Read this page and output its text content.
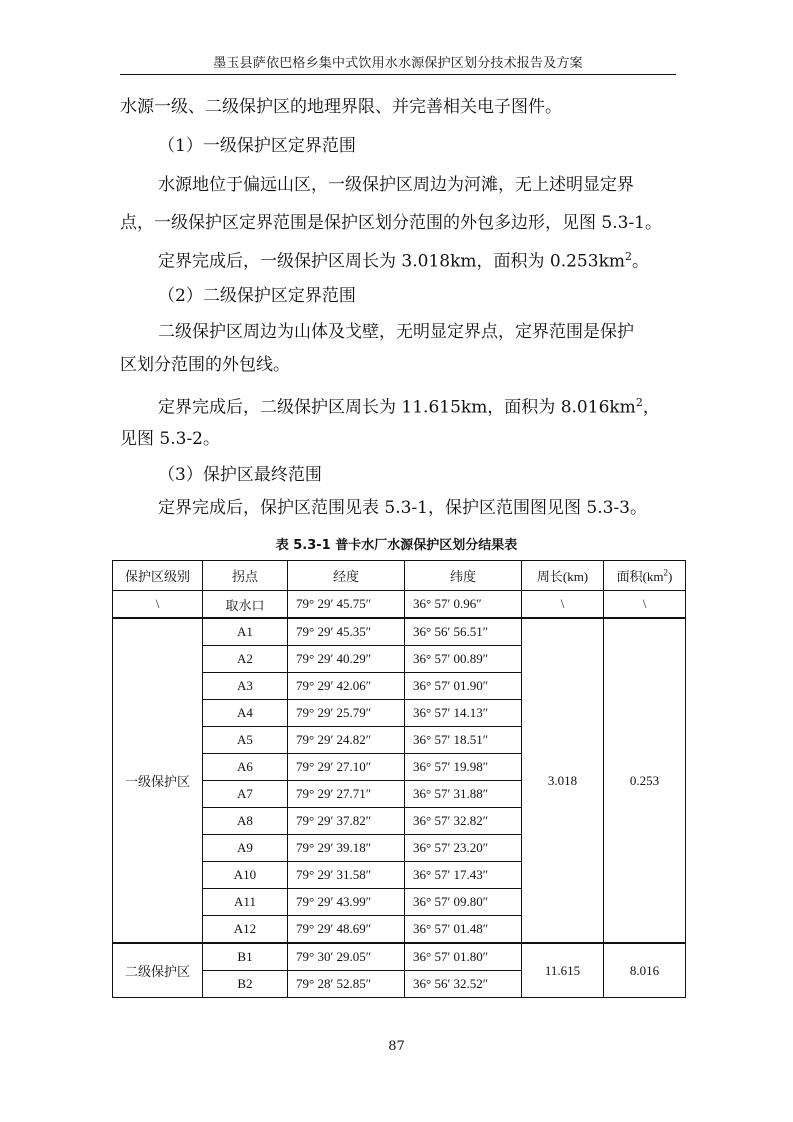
墨玉县萨依巴格乡集中式饮用水水源保护区划分技术报告及方案

水源一级、二级保护区的地理界限、并完善相关电子图件。

（1）一级保护区定界范围

水源地位于偏远山区，一级保护区周边为河滩，无上述明显定界

点，一级保护区定界范围是保护区划分范围的外包多边形，见图 5.3-1。

定界完成后，一级保护区周长为 3.018km，面积为 $0.253km^2$。

（2）二级保护区定界范围

二级保护区周边为山体及戈壁，无明显定界点，定界范围是保护

区划分范围的外包线。

定界完成后，二级保护区周长为 11.615km，面积为 $8.016km^2$，

见图 5.3-2。

（3）保护区最终范围

定界完成后，保护区范围见表 5.3-1，保护区范围图见图 5.3-3。

表 5.3-1 普卡水厂水源保护区划分结果表
保护区级别	拐点	经度	纬度	周长(km)	面积$(km^2)$
\	取水口	79° 29′ 45.75″	36° 57′ 0.96″	\	\
一级保护区	A1	79° 29′ 45.35″	36° 56′ 56.51″	3.018	0.253
	A2	79° 29′ 40.29″	36° 57′ 00.89″		
	A3	79° 29′ 42.06″	36° 57′ 01.90″		
	A4	79° 29′ 25.79″	36° 57′ 14.13″		
	A5	79° 29′ 24.82″	36° 57′ 18.51″		
	A6	79° 29′ 27.10″	36° 57′ 19.98″		
	A7	79° 29′ 27.71″	36° 57′ 31.88″		
	A8	79° 29′ 37.82″	36° 57′ 32.82″		
	A9	79° 29′ 39.18″	36° 57′ 23.20″		
	A10	79° 29′ 31.58″	36° 57′ 17.43″		
	A11	79° 29′ 43.99″	36° 57′ 09.80″		
	A12	79° 29′ 48.69″	36° 57′ 01.48″		
二级保护区	B1	79° 30′ 29.05″	36° 57′ 01.80″	11.615	8.016
	B2	79° 28′ 52.85″	36° 56′ 32.52″		
87
